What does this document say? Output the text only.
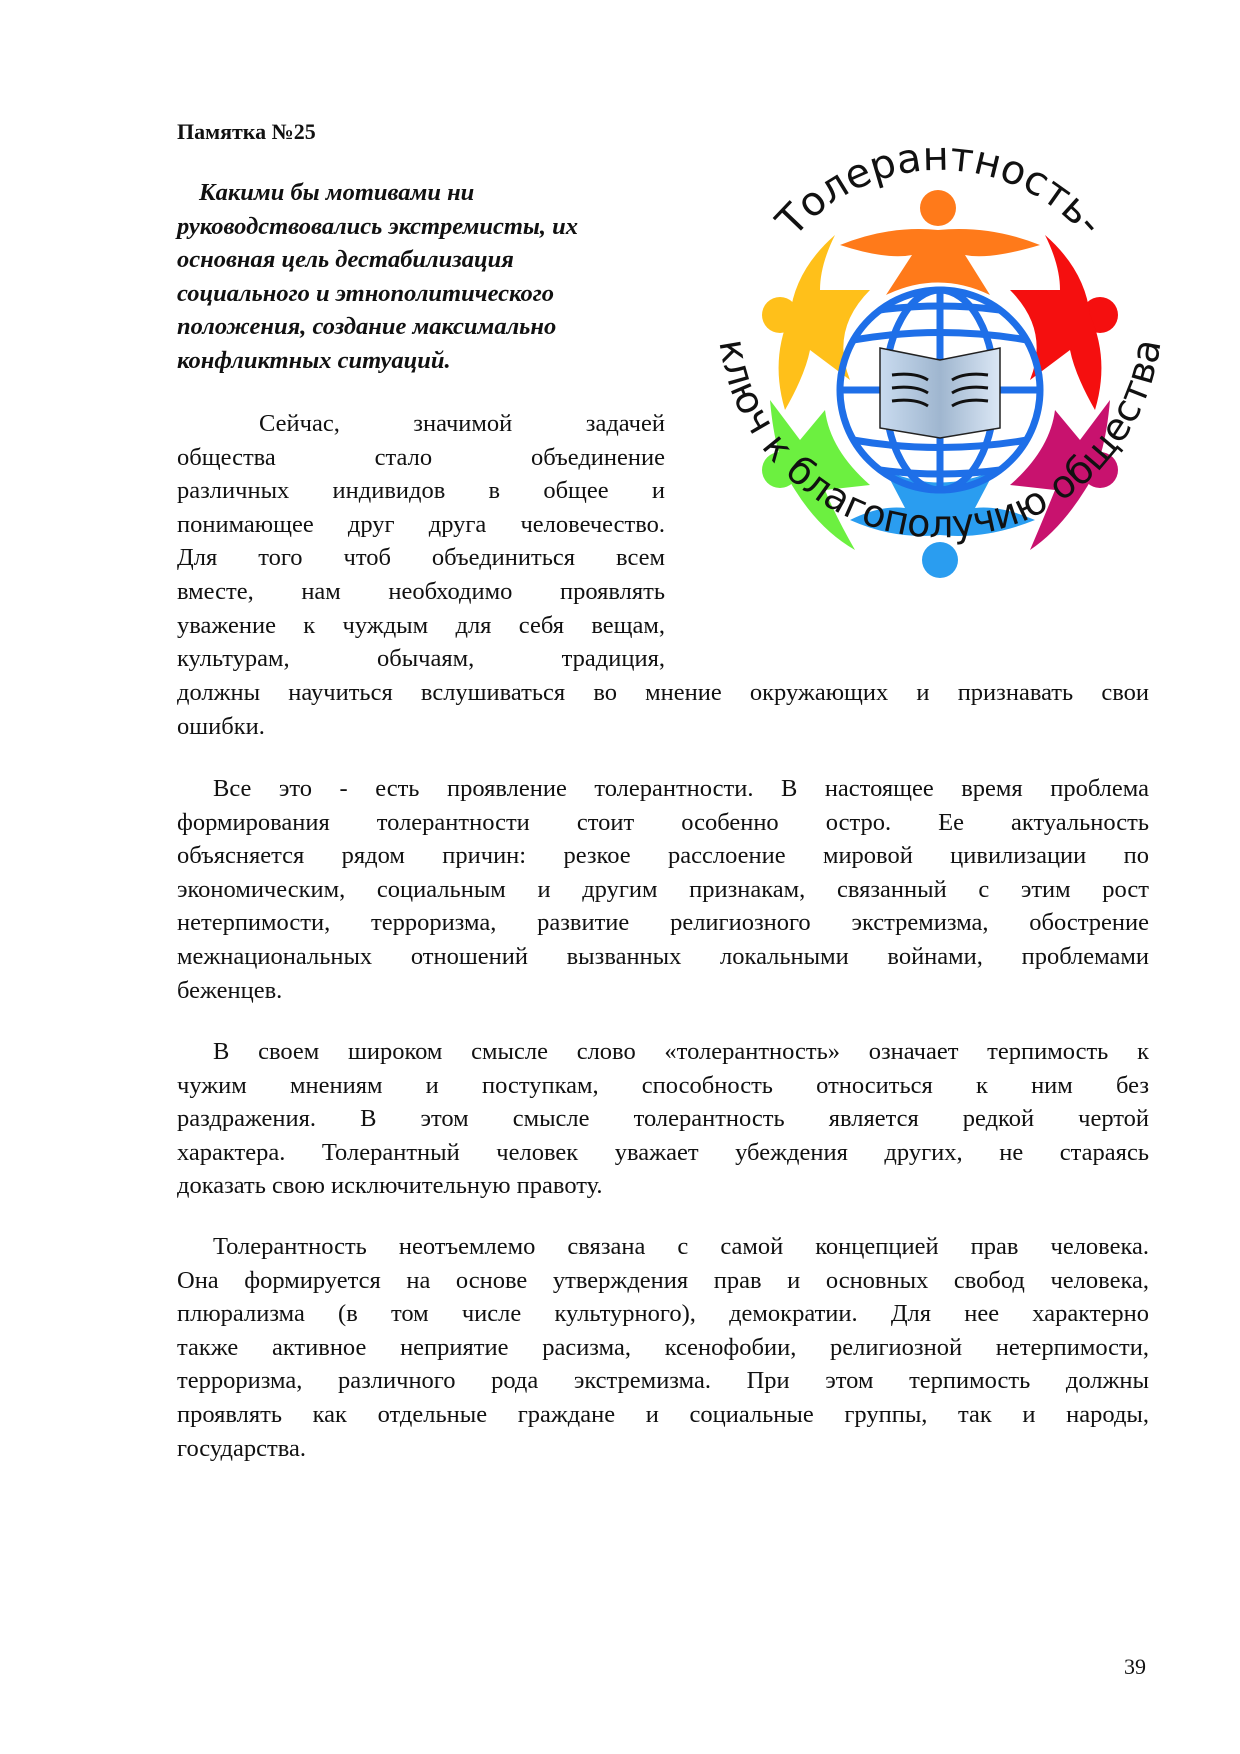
Памятка №25
Какими бы мотивами ни
руководствовались экстремисты, их
основная цель дестабилизация
социального и этнополитического
положения, создание максимально
конфликтных ситуаций.
Сейчас, значимой задачей
общества стало объединение
различных индивидов в общее и
понимающее друг друга человечество.
Для того чтоб объединиться всем
вместе, нам необходимо проявлять
уважение к чуждым для себя вещам,
культурам, обычаям, традиция,
должны научиться вслушиваться во мнение окружающих и признавать свои
ошибки.
Все это - есть проявление толерантности. В настоящее время проблема
формирования толерантности стоит особенно остро. Ее актуальность
объясняется рядом причин: резкое расслоение мировой цивилизации по
экономическим, социальным и другим признакам, связанный с этим рост
нетерпимости, терроризма, развитие религиозного экстремизма, обострение
межнациональных отношений вызванных локальными войнами, проблемами
беженцев.
В своем широком смысле слово «толерантность» означает терпимость к
чужим мнениям и поступкам, способность относиться к ним без
раздражения. В этом смысле толерантность является редкой чертой
характера. Толерантный человек уважает убеждения других, не стараясь
доказать свою исключительную правоту.
Толерантность неотъемлемо связана с самой концепцией прав человека.
Она формируется на основе утверждения прав и основных свобод человека,
плюрализма (в том числе культурного), демократии. Для нее характерно
также активное неприятие расизма, ксенофобии, религиозной нетерпимости,
терроризма, различного рода экстремизма. При этом терпимость должны
проявлять как отдельные граждане и социальные группы, так и народы,
государства.
Толерантность-
ключ к благополучию общества
39
